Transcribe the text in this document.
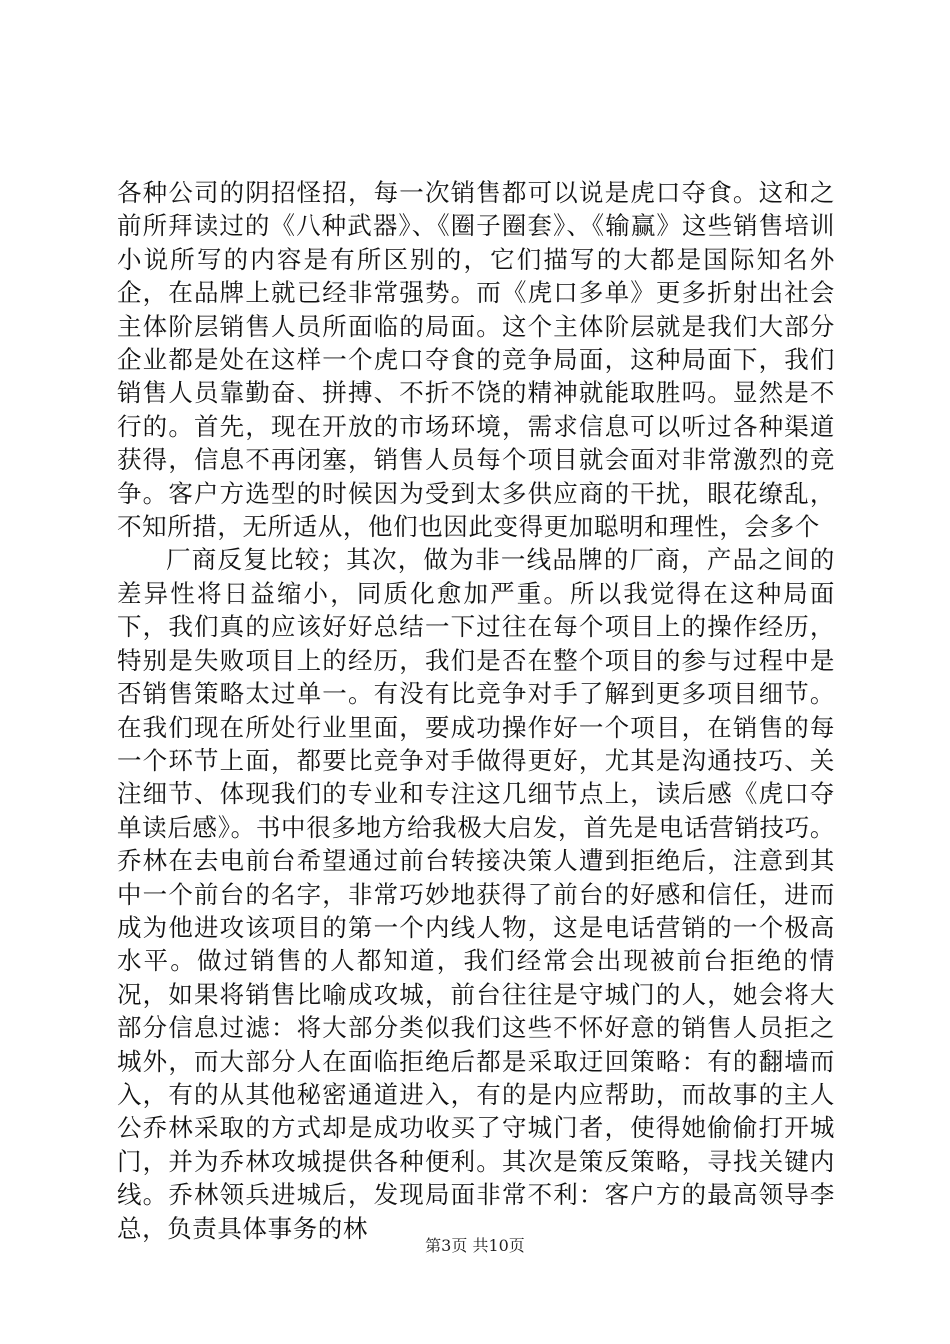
各种公司的阴招怪招，每一次销售都可以说是虎口夺食。这和之前所拜读过的《八种武器》、《圈子圈套》、《输赢》这些销售培训小说所写的内容是有所区别的，它们描写的大都是国际知名外企，在品牌上就已经非常强势。而《虎口多单》更多折射出社会主体阶层销售人员所面临的局面。这个主体阶层就是我们大部分企业都是处在这样一个虎口夺食的竞争局面，这种局面下，我们销售人员靠勤奋、拼搏、不折不饶的精神就能取胜吗。显然是不行的。首先，现在开放的市场环境，需求信息可以听过各种渠道获得，信息不再闭塞，销售人员每个项目就会面对非常激烈的竞争。客户方选型的时候因为受到太多供应商的干扰，眼花缭乱，不知所措，无所适从，他们也因此变得更加聪明和理性，会多个

厂商反复比较；其次，做为非一线品牌的厂商，产品之间的差异性将日益缩小，同质化愈加严重。所以我觉得在这种局面下，我们真的应该好好总结一下过往在每个项目上的操作经历，特别是失败项目上的经历，我们是否在整个项目的参与过程中是否销售策略太过单一。有没有比竞争对手了解到更多项目细节。在我们现在所处行业里面，要成功操作好一个项目，在销售的每一个环节上面，都要比竞争对手做得更好，尤其是沟通技巧、关注细节、体现我们的专业和专注这几细节点上，读后感《虎口夺单读后感》。书中很多地方给我极大启发，首先是电话营销技巧。乔林在去电前台希望通过前台转接决策人遭到拒绝后，注意到其中一个前台的名字，非常巧妙地获得了前台的好感和信任，进而成为他进攻该项目的第一个内线人物，这是电话营销的一个极高水平。做过销售的人都知道，我们经常会出现被前台拒绝的情况，如果将销售比喻成攻城，前台往往是守城门的人，她会将大部分信息过滤：将大部分类似我们这些不怀好意的销售人员拒之城外，而大部分人在面临拒绝后都是采取迂回策略：有的翻墙而入，有的从其他秘密通道进入，有的是内应帮助，而故事的主人公乔林采取的方式却是成功收买了守城门者，使得她偷偷打开城门，并为乔林攻城提供各种便利。其次是策反策略，寻找关键内线。乔林领兵进城后，发现局面非常不利：客户方的最高领导李总，负责具体事务的林

第3页 共10页
